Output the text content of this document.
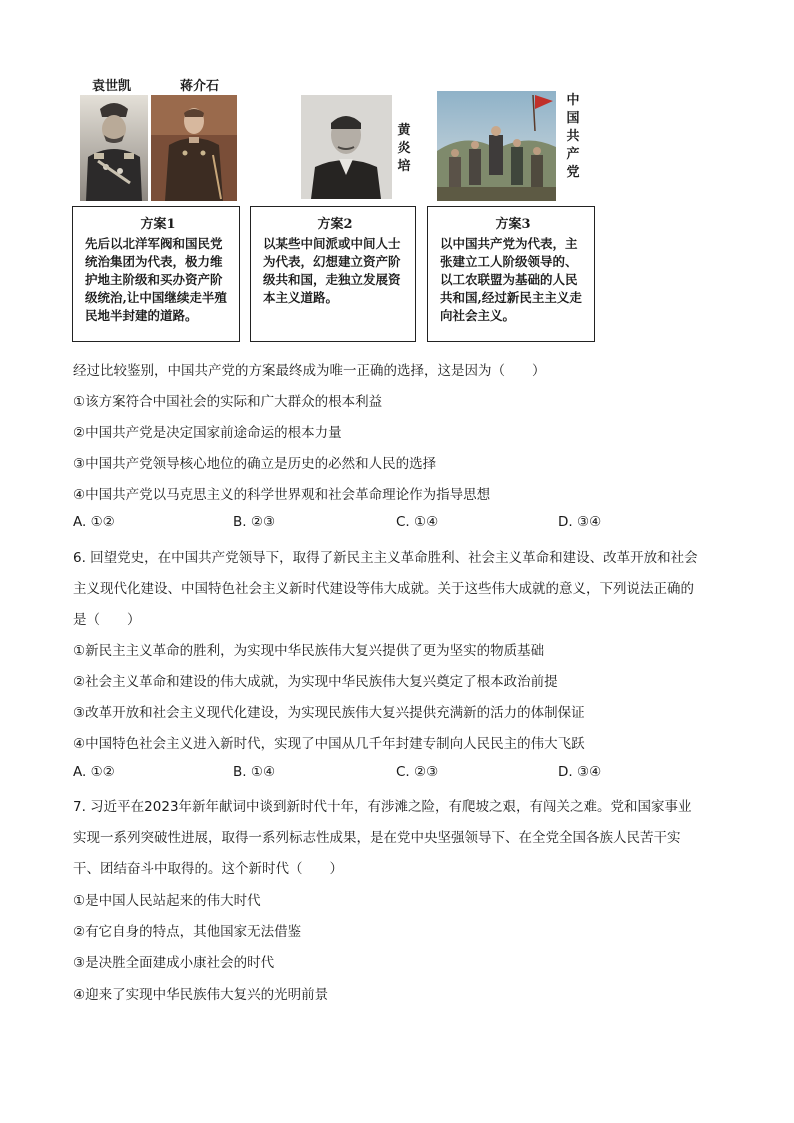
袁世凯	蒋介石
黄炎培
中国共产党
方案1
先后以北洋军阀和国民党统治集团为代表，极力维护地主阶级和买办资产阶级统治,让中国继续走半殖民地半封建的道路。
方案2
以某些中间派或中间人士为代表，幻想建立资产阶级共和国，走独立发展资本主义道路。
方案3
以中国共产党为代表，主张建立工人阶级领导的、以工农联盟为基础的人民共和国,经过新民主主义走向社会主义。
经过比较鉴别，中国共产党的方案最终成为唯一正确的选择，这是因为（　　）
①该方案符合中国社会的实际和广大群众的根本利益
②中国共产党是决定国家前途命运的根本力量
③中国共产党领导核心地位的确立是历史的必然和人民的选择
④中国共产党以马克思主义的科学世界观和社会革命理论作为指导思想
A. ①②	B. ②③	C. ①④	D. ③④
6. 回望党史，在中国共产党领导下，取得了新民主主义革命胜利、社会主义革命和建设、改革开放和社会
主义现代化建设、中国特色社会主义新时代建设等伟大成就。关于这些伟大成就的意义，下列说法正确的
是（　　）
①新民主主义革命的胜利，为实现中华民族伟大复兴提供了更为坚实的物质基础
②社会主义革命和建设的伟大成就，为实现中华民族伟大复兴奠定了根本政治前提
③改革开放和社会主义现代化建设，为实现民族伟大复兴提供充满新的活力的体制保证
④中国特色社会主义进入新时代，实现了中国从几千年封建专制向人民民主的伟大飞跃
A. ①②	B. ①④	C. ②③	D. ③④
7. 习近平在2023年新年献词中谈到新时代十年，有涉滩之险，有爬坡之艰，有闯关之难。党和国家事业
实现一系列突破性进展，取得一系列标志性成果，是在党中央坚强领导下、在全党全国各族人民苦干实
干、团结奋斗中取得的。这个新时代（　　）
①是中国人民站起来的伟大时代
②有它自身的特点，其他国家无法借鉴
③是决胜全面建成小康社会的时代
④迎来了实现中华民族伟大复兴的光明前景
